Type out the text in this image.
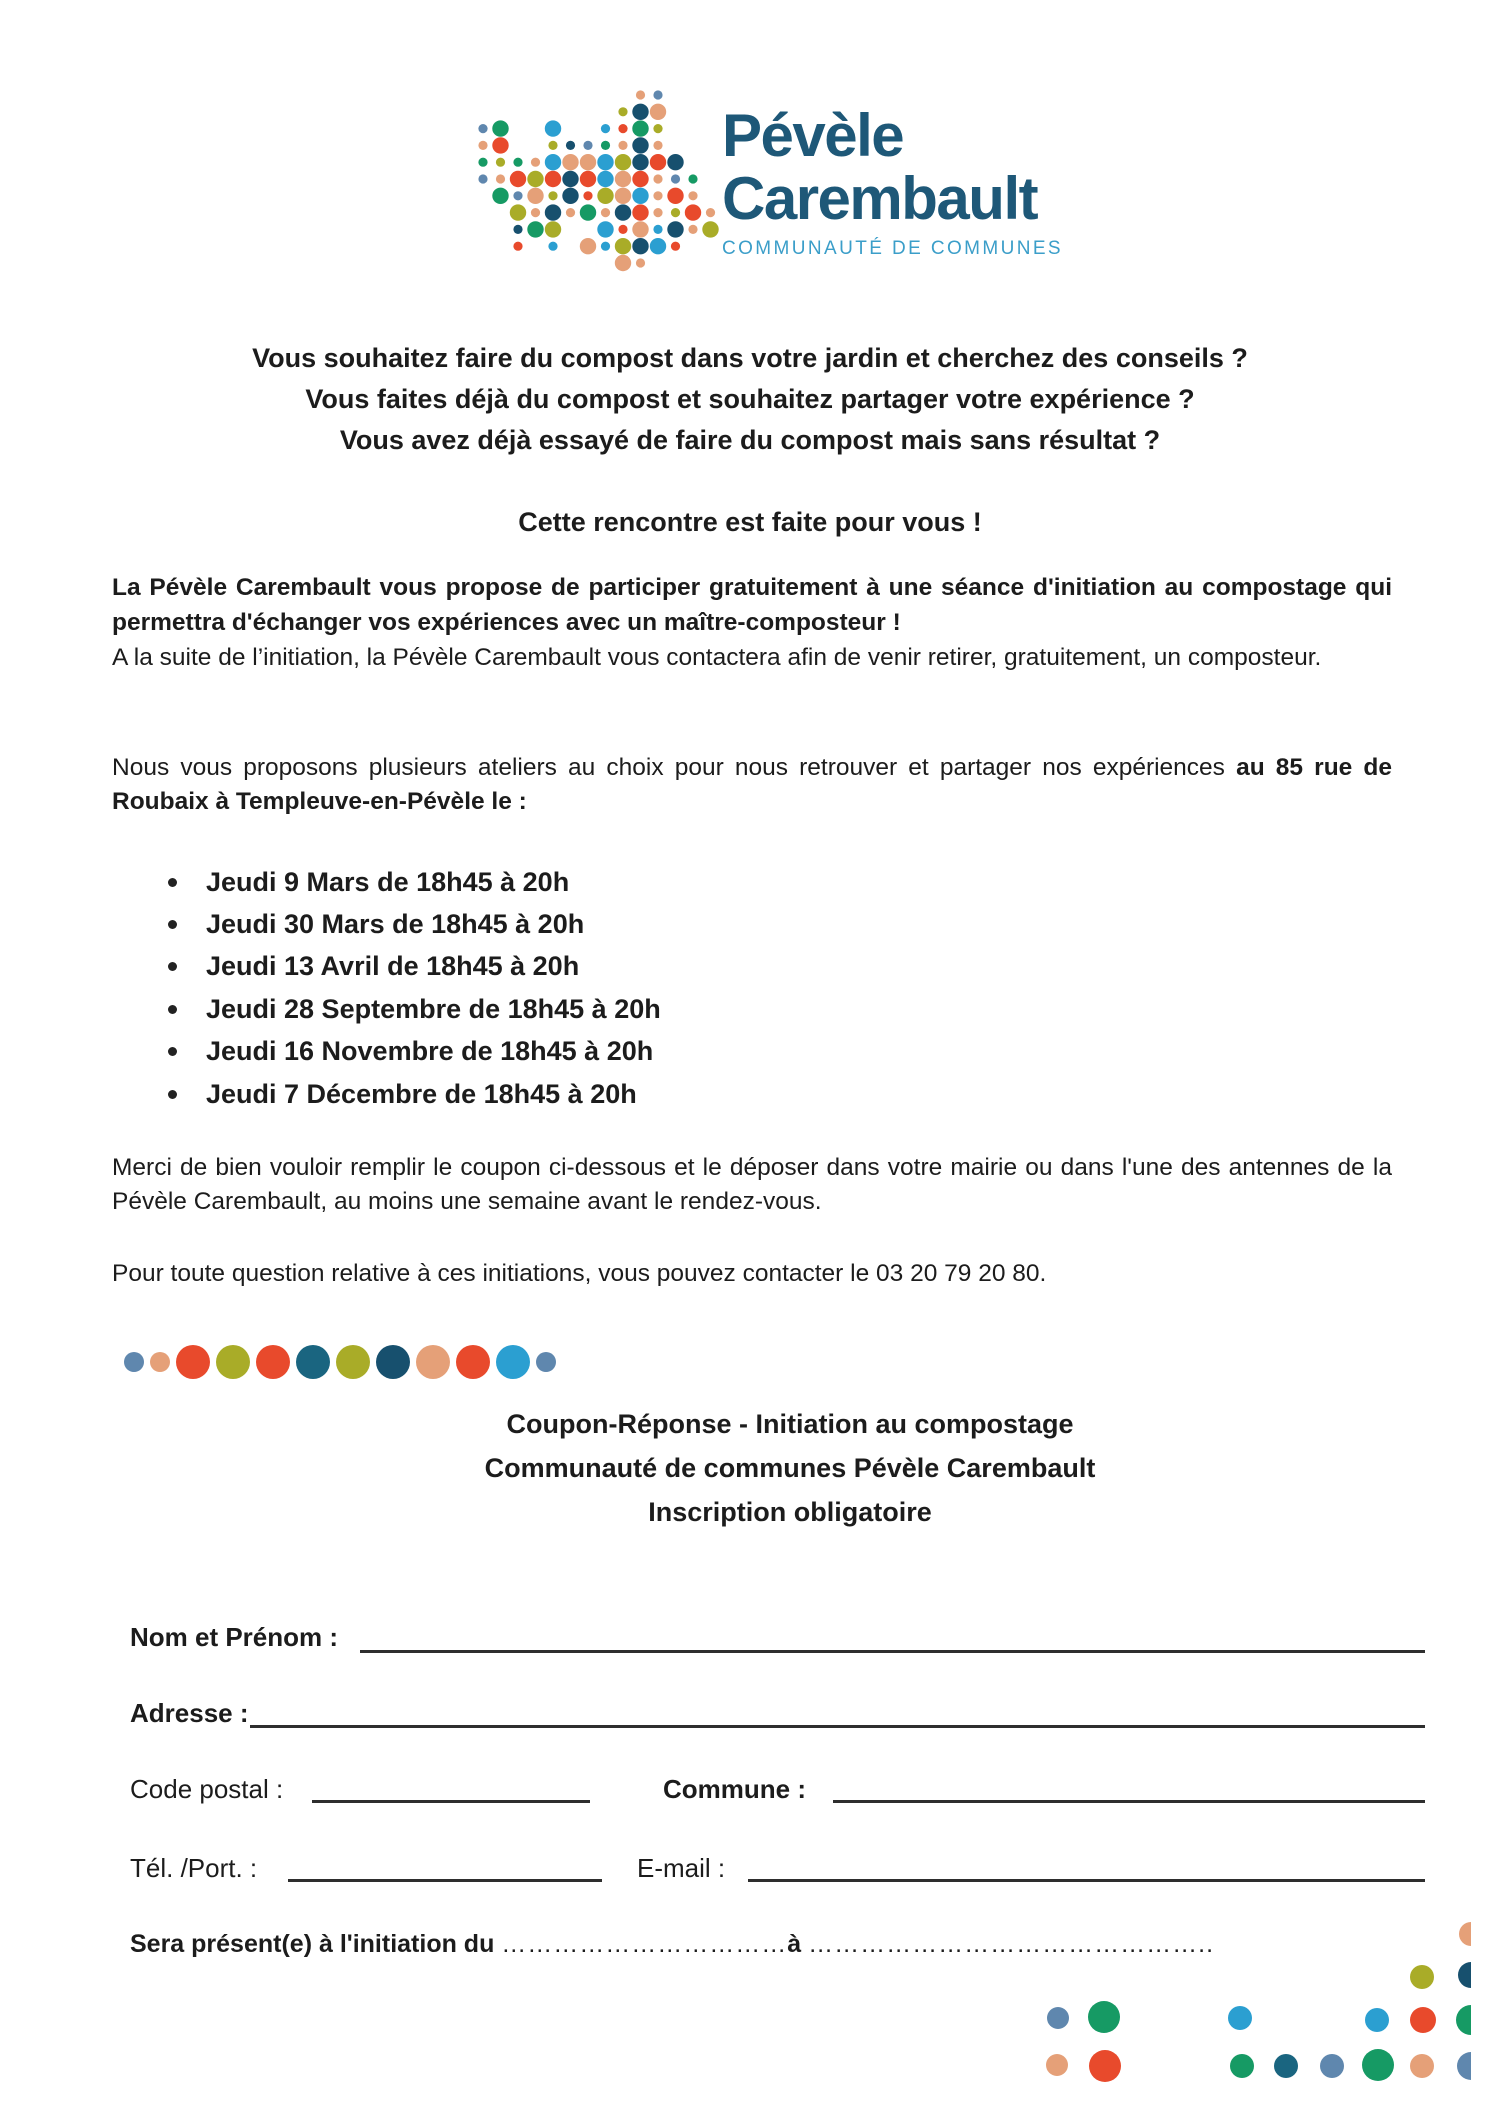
Pévèle
Carembault
COMMUNAUTÉ DE COMMUNES
Vous souhaitez faire du compost dans votre jardin et cherchez des conseils ?
Vous faites déjà du compost et souhaitez partager votre expérience ?
Vous avez déjà essayé de faire du compost mais sans résultat ?
Cette rencontre est faite pour vous !
La Pévèle Carembault vous propose de participer gratuitement à une séance d'initiation au compostage qui permettra d'échanger vos expériences avec un maître-composteur !
A la suite de l’initiation, la Pévèle Carembault vous contactera afin de venir retirer, gratuitement, un composteur.
Nous vous proposons plusieurs ateliers au choix pour nous retrouver et partager nos expériences au 85 rue de Roubaix à Templeuve-en-Pévèle le :
Jeudi 9 Mars de 18h45 à 20h
Jeudi 30 Mars de 18h45 à 20h
Jeudi 13 Avril de 18h45 à 20h
Jeudi 28 Septembre de 18h45 à 20h
Jeudi 16 Novembre de 18h45 à 20h
Jeudi 7 Décembre de 18h45 à 20h
Merci de bien vouloir remplir le coupon ci-dessous et le déposer dans votre mairie ou dans l'une des antennes de la Pévèle Carembault, au moins une semaine avant le rendez-vous.
Pour toute question relative à ces initiations, vous pouvez contacter le 03 20 79 20 80.
Coupon-Réponse - Initiation au compostage
Communauté de communes Pévèle Carembault
Inscription obligatoire
Nom et Prénom :
Adresse :
Code postal :	Commune :
Tél. /Port. :	E-mail :
Sera présent(e) à l'initiation du ……………………………à ………………………………………..
